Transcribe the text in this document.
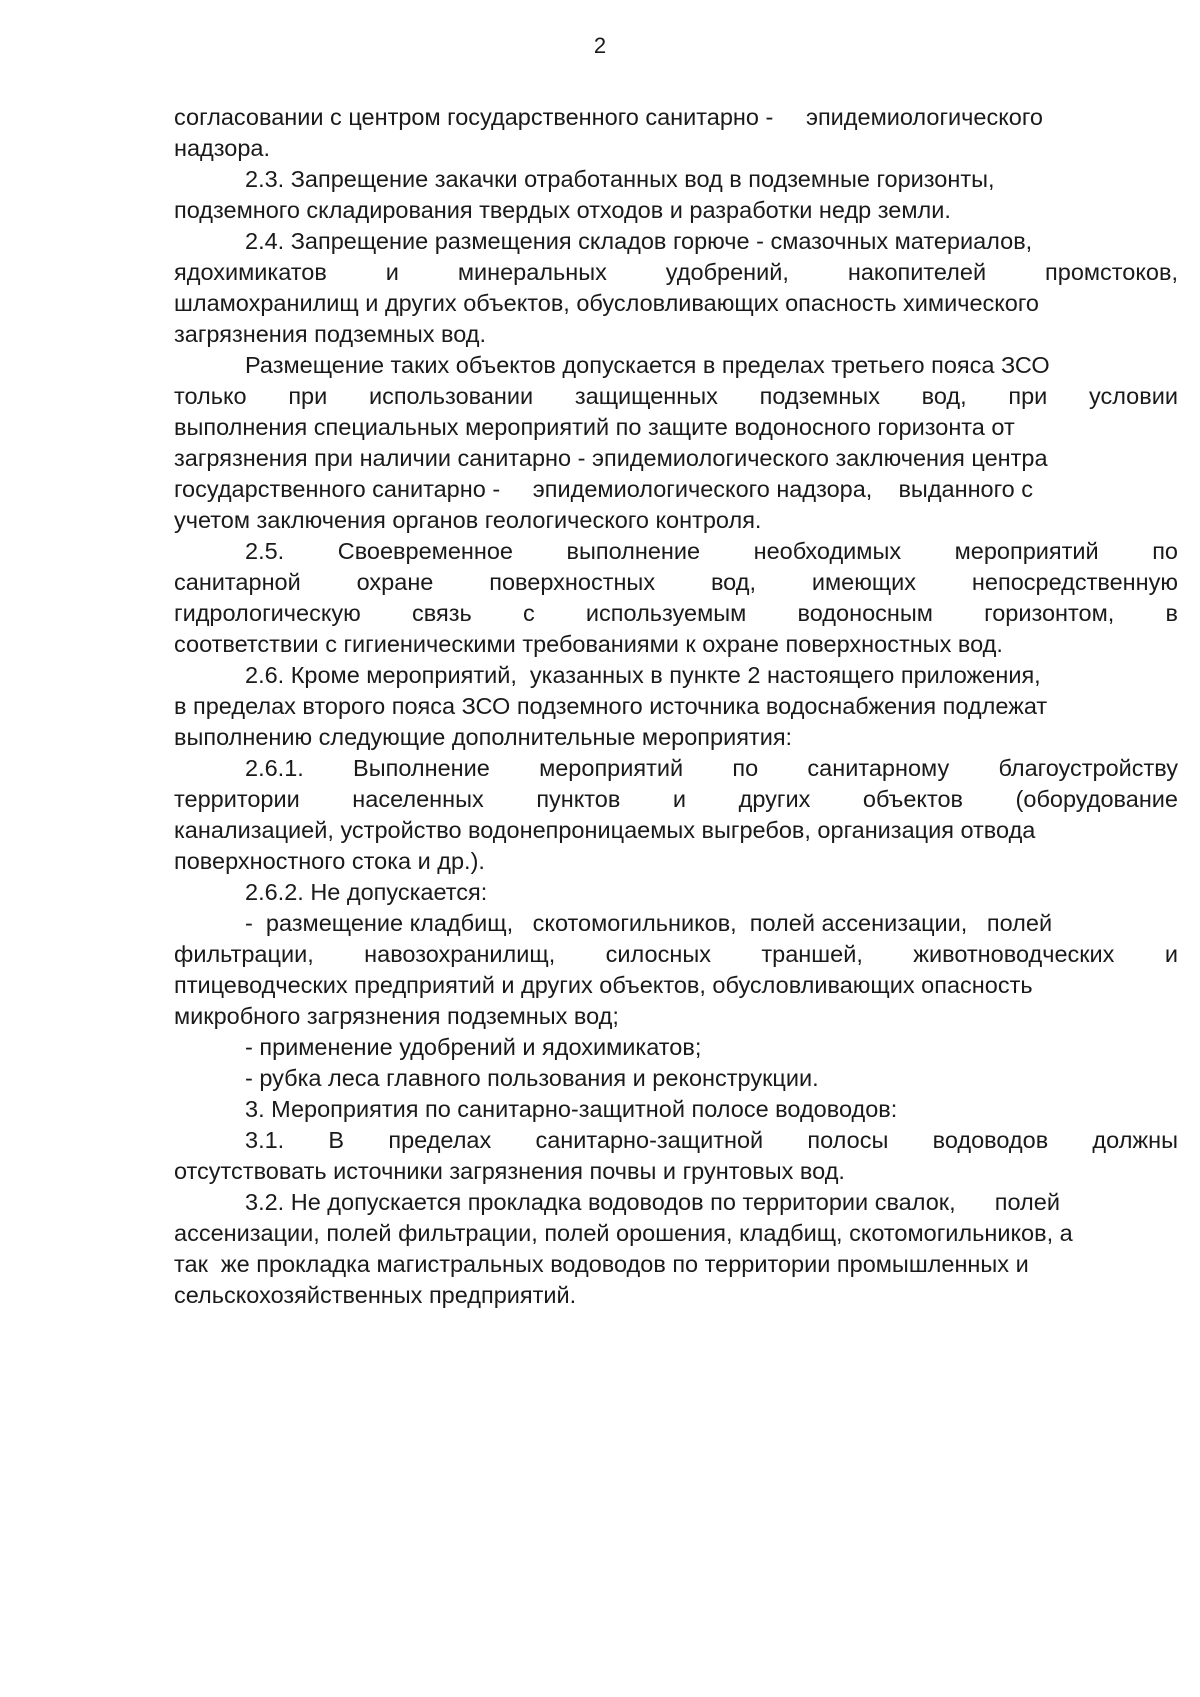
2
согласовании с центром государственного санитарно -     эпидемиологического
надзора.
2.3. Запрещение закачки отработанных вод в подземные горизонты,
подземного складирования твердых отходов и разработки недр земли.
2.4. Запрещение размещения складов горюче - смазочных материалов,
ядохимикатов и минеральных удобрений, накопителей промстоков,
шламохранилищ и других объектов, обусловливающих опасность химического
загрязнения подземных вод.
Размещение таких объектов допускается в пределах третьего пояса ЗСО
только при использовании защищенных подземных вод, при условии
выполнения специальных мероприятий по защите водоносного горизонта от
загрязнения при наличии санитарно - эпидемиологического заключения центра
государственного санитарно -     эпидемиологического надзора,    выданного с
учетом заключения органов геологического контроля.
2.5. Своевременное выполнение необходимых мероприятий по
санитарной охране поверхностных вод, имеющих непосредственную
гидрологическую связь с используемым водоносным горизонтом, в
соответствии с гигиеническими требованиями к охране поверхностных вод.
2.6. Кроме мероприятий,  указанных в пункте 2 настоящего приложения,
в пределах второго пояса ЗСО подземного источника водоснабжения подлежат
выполнению следующие дополнительные мероприятия:
2.6.1. Выполнение мероприятий по санитарному благоустройству
территории населенных пунктов и других объектов (оборудование
канализацией, устройство водонепроницаемых выгребов, организация отвода
поверхностного стока и др.).
2.6.2. Не допускается:
-  размещение кладбищ,   скотомогильников,  полей ассенизации,   полей
фильтрации, навозохранилищ, силосных траншей, животноводческих и
птицеводческих предприятий и других объектов, обусловливающих опасность
микробного загрязнения подземных вод;
- применение удобрений и ядохимикатов;
- рубка леса главного пользования и реконструкции.
3. Мероприятия по санитарно-защитной полосе водоводов:
3.1. В пределах санитарно-защитной полосы водоводов должны
отсутствовать источники загрязнения почвы и грунтовых вод.
3.2. Не допускается прокладка водоводов по территории свалок,      полей
ассенизации, полей фильтрации, полей орошения, кладбищ, скотомогильников, а
так  же прокладка магистральных водоводов по территории промышленных и
сельскохозяйственных предприятий.
